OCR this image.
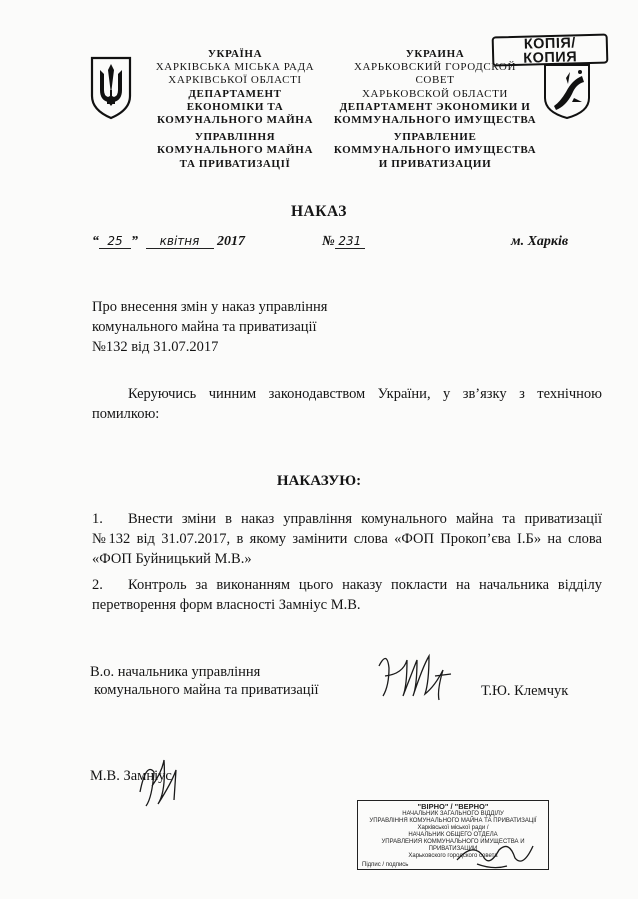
УКРАЇНА
ХАРКІВСЬКА МІСЬКА РАДА
ХАРКІВСЬКОЇ ОБЛАСТІ
ДЕПАРТАМЕНТ
ЕКОНОМІКИ ТА
КОМУНАЛЬНОГО МАЙНА
УПРАВЛІННЯ
КОМУНАЛЬНОГО МАЙНА
ТА ПРИВАТИЗАЦІЇ
УКРАИНА
ХАРЬКОВСКИЙ ГОРОДСКОЙ
СОВЕТ
ХАРЬКОВСКОЙ ОБЛАСТИ
ДЕПАРТАМЕНТ ЭКОНОМИКИ И
КОММУНАЛЬНОГО ИМУЩЕСТВА
УПРАВЛЕНИЕ
КОММУНАЛЬНОГО ИМУЩЕСТВА
И ПРИВАТИЗАЦИИ
КОПІЯ/
КОПИЯ
НАКАЗ
“ 25 ” квітня 2017	№ 231	м. Харків
Про внесення змін у наказ управління
комунального майна та приватизації
№132 від 31.07.2017
Керуючись чинним законодавством України, у зв’язку з технічною
помилкою:
НАКАЗУЮ:
1. Внести зміни в наказ управління комунального майна та приватизації
№132 від 31.07.2017, в якому замінити слова «ФОП Прокоп’єва І.Б» на слова
«ФОП Буйницький М.В.»
2. Контроль за виконанням цього наказу покласти на начальника відділу
перетворення форм власності Замнiус М.В.
В.о. начальника управління
комунального майна та приватизації	Т.Ю. Клемчук
М.В. Замніус
"ВІРНО" / "ВЕРНО"
НАЧАЛЬНИК ЗАГАЛЬНОГО ВІДДІЛУ
УПРАВЛІННЯ КОМУНАЛЬНОГО МАЙНА ТА ПРИВАТИЗАЦІЇ
Харківської міської ради /
НАЧАЛЬНИК ОБЩЕГО ОТДЕЛА
УПРАВЛЕНИЯ КОММУНАЛЬНОГО ИМУЩЕСТВА И ПРИВАТИЗАЦИИ
Харьковского городского совета
Підпис / подпись
